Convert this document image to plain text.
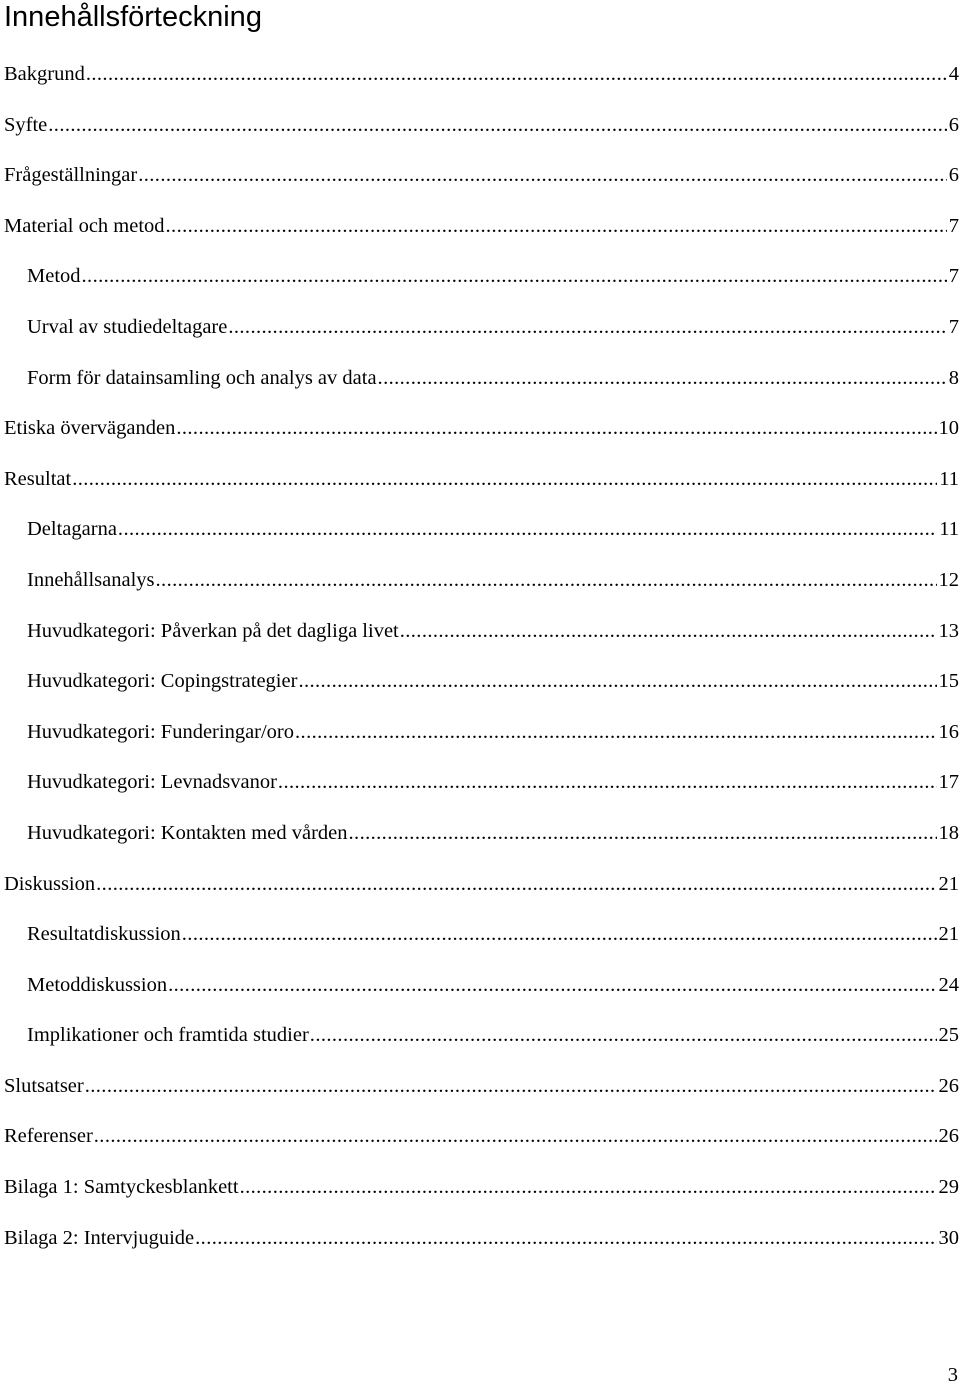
Innehållsförteckning
Bakgrund .....	4
Syfte .....	6
Frågeställningar .....	6
Material och metod .....	7
Metod .....	7
Urval av studiedeltagare .....	7
Form för datainsamling och analys av data .....	8
Etiska överväganden .....	10
Resultat .....	11
Deltagarna .....	11
Innehållsanalys .....	12
Huvudkategori: Påverkan på det dagliga livet .....	13
Huvudkategori: Copingstrategier .....	15
Huvudkategori: Funderingar/oro .....	16
Huvudkategori: Levnadsvanor .....	17
Huvudkategori: Kontakten med vården .....	18
Diskussion .....	21
Resultatdiskussion .....	21
Metoddiskussion .....	24
Implikationer och framtida studier .....	25
Slutsatser .....	26
Referenser .....	26
Bilaga 1: Samtyckesblankett .....	29
Bilaga 2: Intervjuguide .....	30
3
